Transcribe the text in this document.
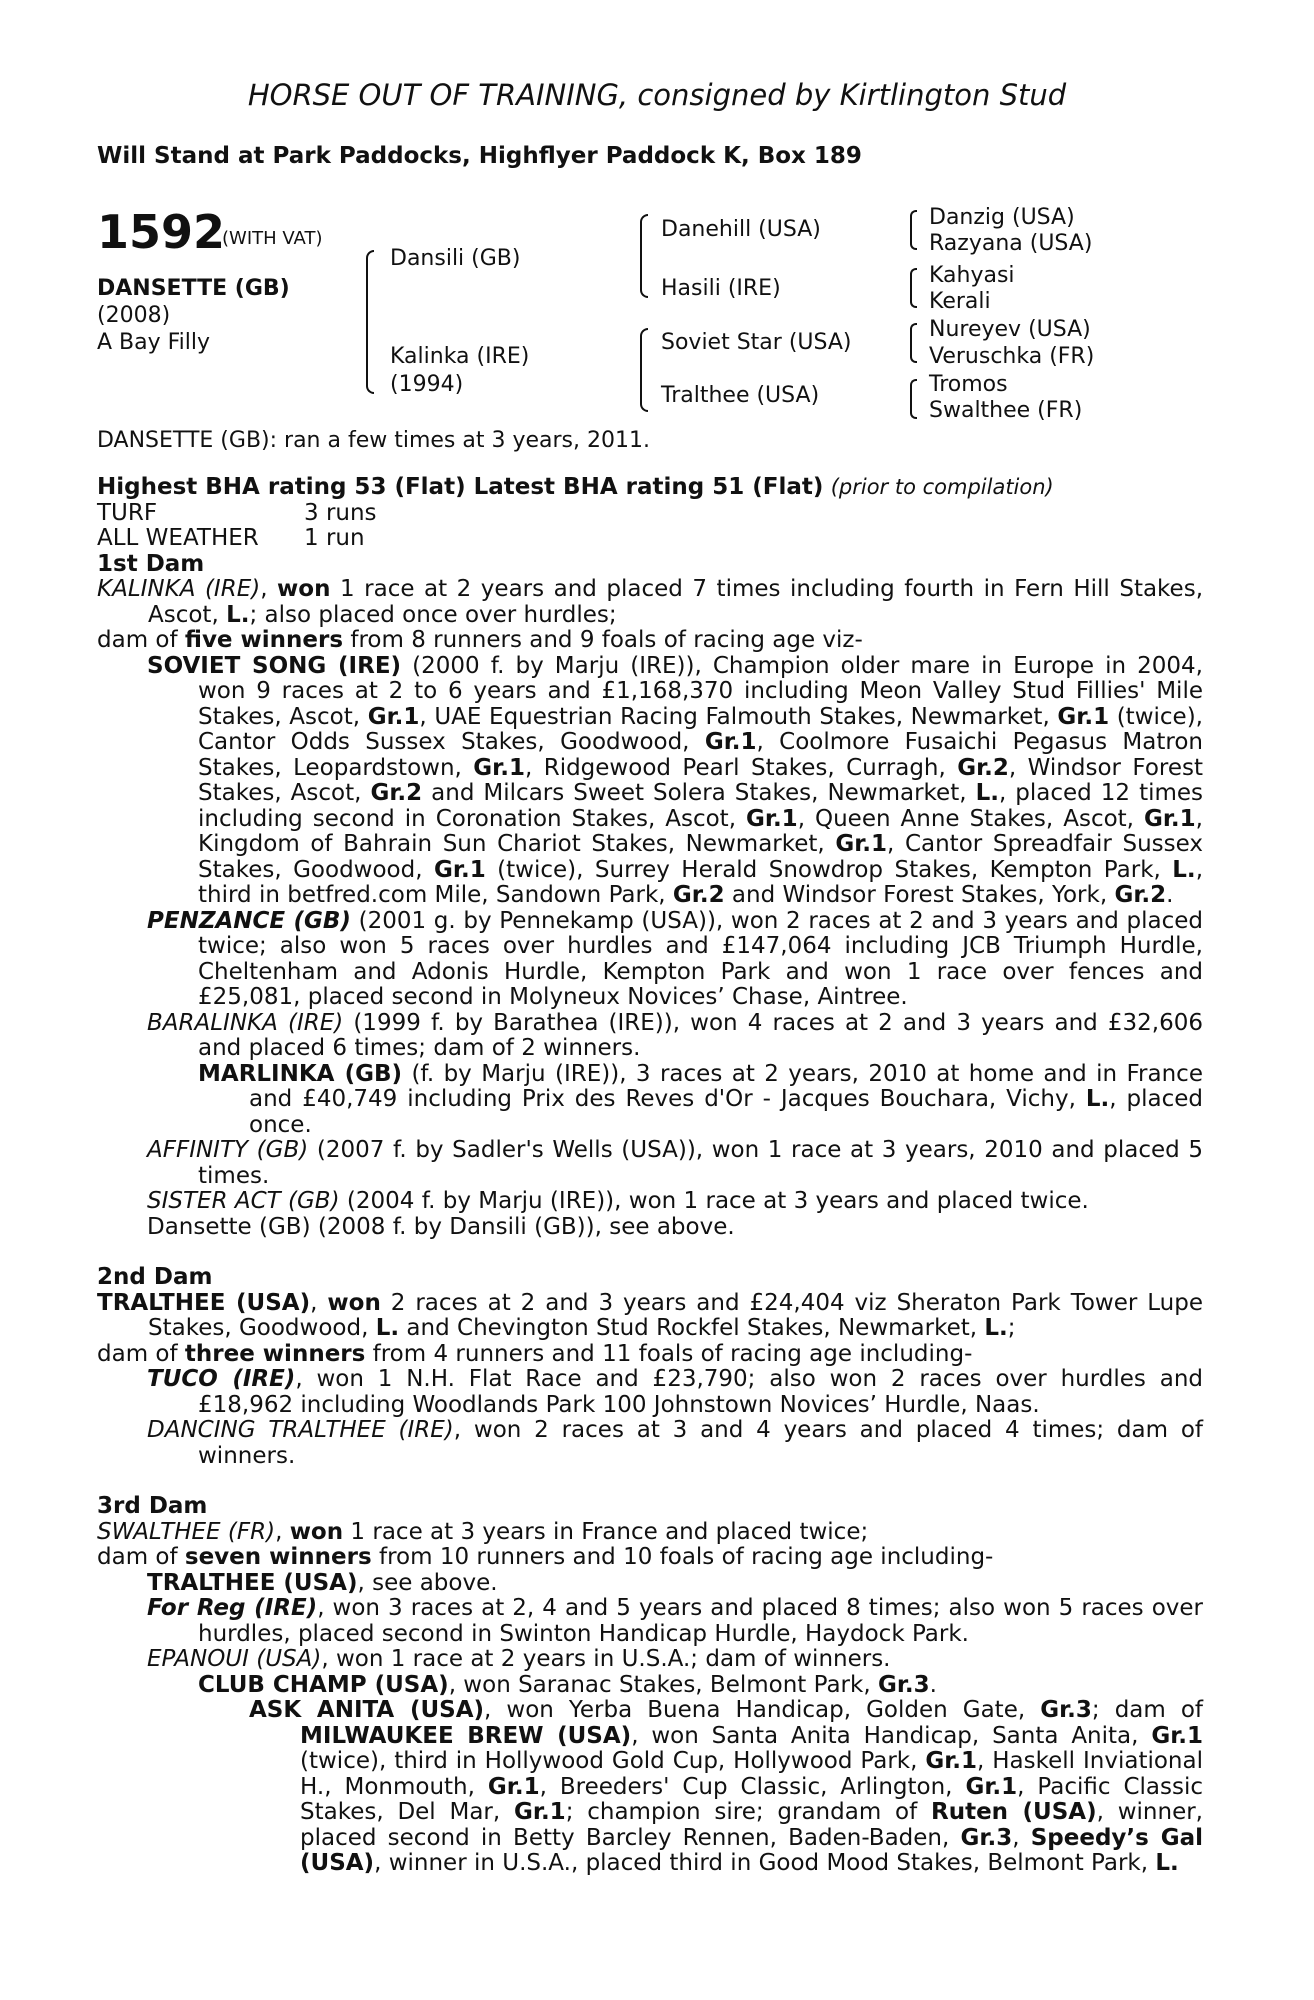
HORSE OUT OF TRAINING, consigned by Kirtlington Stud
Will Stand at Park Paddocks, Highflyer Paddock K, Box 189
1592
(WITH VAT)
DANSETTE (GB)
(2008)
A Bay Filly
Dansili (GB)
Kalinka (IRE)
(1994)
Danehill (USA)
Hasili (IRE)
Soviet Star (USA)
Tralthee (USA)
Danzig (USA)
Razyana (USA)
Kahyasi
Kerali
Nureyev (USA)
Veruschka (FR)
Tromos
Swalthee (FR)
DANSETTE (GB): ran a few times at 3 years, 2011.

Highest BHA rating 53 (Flat) Latest BHA rating 51 (Flat) (prior to compilation)

TURF	3 runs

ALL WEATHER 1 run

1st Dam

KALINKA (IRE), won 1 race at 2 years and placed 7 times including fourth in Fern Hill Stakes, Ascot, L.; also placed once over hurdles;

dam of five winners from 8 runners and 9 foals of racing age viz-

SOVIET SONG (IRE) (2000 f. by Marju (IRE)), Champion older mare in Europe in 2004, won 9 races at 2 to 6 years and £1,168,370 including Meon Valley Stud Fillies' Mile Stakes, Ascot, Gr.1, UAE Equestrian Racing Falmouth Stakes, Newmarket, Gr.1 (twice), Cantor Odds Sussex Stakes, Goodwood, Gr.1, Coolmore Fusaichi Pegasus Matron Stakes, Leopardstown, Gr.1, Ridgewood Pearl Stakes, Curragh, Gr.2, Windsor Forest Stakes, Ascot, Gr.2 and Milcars Sweet Solera Stakes, Newmarket, L., placed 12 times including second in Coronation Stakes, Ascot, Gr.1, Queen Anne Stakes, Ascot, Gr.1, Kingdom of Bahrain Sun Chariot Stakes, Newmarket, Gr.1, Cantor Spreadfair Sussex Stakes, Goodwood, Gr.1 (twice), Surrey Herald Snowdrop Stakes, Kempton Park, L., third in betfred.com Mile, Sandown Park, Gr.2 and Windsor Forest Stakes, York, Gr.2.

PENZANCE (GB) (2001 g. by Pennekamp (USA)), won 2 races at 2 and 3 years and placed twice; also won 5 races over hurdles and £147,064 including JCB Triumph Hurdle, Cheltenham and Adonis Hurdle, Kempton Park and won 1 race over fences and £25,081, placed second in Molyneux Novices’ Chase, Aintree.

BARALINKA (IRE) (1999 f. by Barathea (IRE)), won 4 races at 2 and 3 years and £32,606 and placed 6 times; dam of 2 winners.

MARLINKA (GB) (f. by Marju (IRE)), 3 races at 2 years, 2010 at home and in France and £40,749 including Prix des Reves d'Or - Jacques Bouchara, Vichy, L., placed once.

AFFINITY (GB) (2007 f. by Sadler's Wells (USA)), won 1 race at 3 years, 2010 and placed 5 times.

SISTER ACT (GB) (2004 f. by Marju (IRE)), won 1 race at 3 years and placed twice.

Dansette (GB) (2008 f. by Dansili (GB)), see above.

2nd Dam

TRALTHEE (USA), won 2 races at 2 and 3 years and £24,404 viz Sheraton Park Tower Lupe Stakes, Goodwood, L. and Chevington Stud Rockfel Stakes, Newmarket, L.;

dam of three winners from 4 runners and 11 foals of racing age including-

TUCO (IRE), won 1 N.H. Flat Race and £23,790; also won 2 races over hurdles and £18,962 including Woodlands Park 100 Johnstown Novices’ Hurdle, Naas.

DANCING TRALTHEE (IRE), won 2 races at 3 and 4 years and placed 4 times; dam of winners.

3rd Dam

SWALTHEE (FR), won 1 race at 3 years in France and placed twice;

dam of seven winners from 10 runners and 10 foals of racing age including-

TRALTHEE (USA), see above.

For Reg (IRE), won 3 races at 2, 4 and 5 years and placed 8 times; also won 5 races over hurdles, placed second in Swinton Handicap Hurdle, Haydock Park.

EPANOUI (USA), won 1 race at 2 years in U.S.A.; dam of winners.

CLUB CHAMP (USA), won Saranac Stakes, Belmont Park, Gr.3.

ASK ANITA (USA), won Yerba Buena Handicap, Golden Gate, Gr.3; dam of MILWAUKEE BREW (USA), won Santa Anita Handicap, Santa Anita, Gr.1 (twice), third in Hollywood Gold Cup, Hollywood Park, Gr.1, Haskell Inviational H., Monmouth, Gr.1, Breeders' Cup Classic, Arlington, Gr.1, Pacific Classic Stakes, Del Mar, Gr.1; champion sire; grandam of Ruten (USA), winner, placed second in Betty Barcley Rennen, Baden-Baden, Gr.3, Speedy’s Gal (USA), winner in U.S.A., placed third in Good Mood Stakes, Belmont Park, L.
